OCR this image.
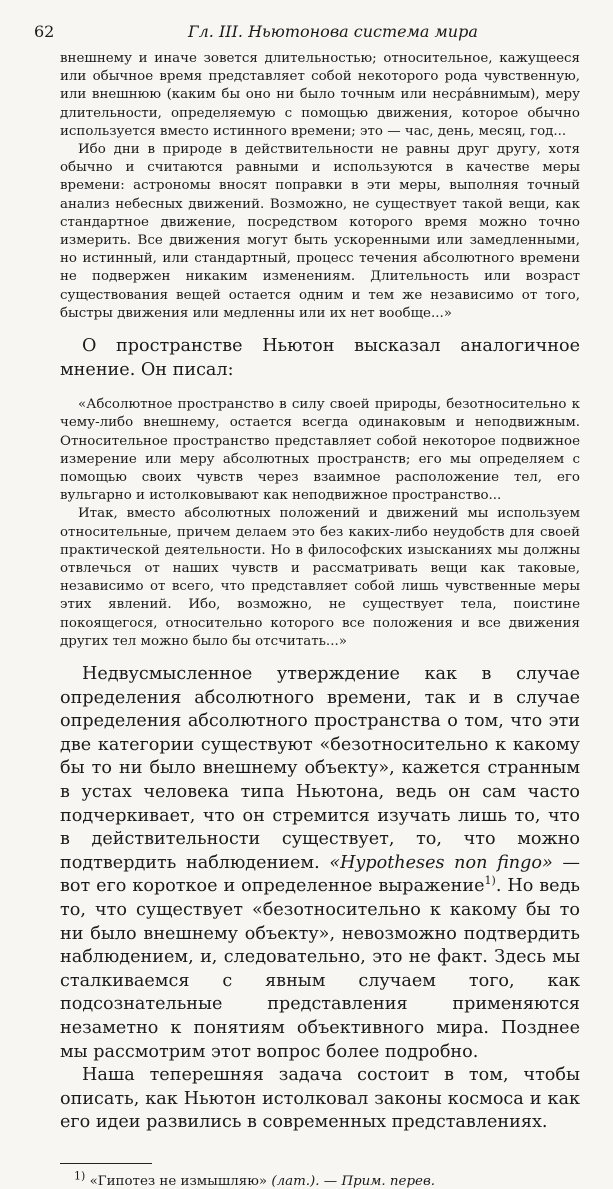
62	Гл. III. Ньютонова система мира

внешнему и иначе зовется длительностью; относительное, кажущееся или обычное время представляет собой некоторого рода чувственную, или внешнюю (каким бы оно ни было точным или несра́внимым), меру длительности, определяемую с помощью движения, которое обычно используется вместо истинного времени; это — час, день, месяц, год...

Ибо дни в природе в действительности не равны друг другу, хотя обычно и считаются равными и используются в качестве меры времени: астрономы вносят поправки в эти меры, выполняя точный анализ небесных движений. Возможно, не существует такой вещи, как стандартное движение, посредством которого время можно точно измерить. Все движения могут быть ускоренными или замедленными, но истинный, или стандартный, процесс течения абсолютного времени не подвержен никаким изменениям. Длительность или возраст существования вещей остается одним и тем же независимо от того, быстры движения или медленны или их нет вообще...»

О пространстве Ньютон высказал аналогичное мнение. Он писал:

«Абсолютное пространство в силу своей природы, безотносительно к чему-либо внешнему, остается всегда одинаковым и неподвижным. Относительное пространство представляет собой некоторое подвижное измерение или меру абсолютных пространств; его мы определяем с помощью своих чувств через взаимное расположение тел, его вульгарно и истолковывают как неподвижное пространство...

Итак, вместо абсолютных положений и движений мы используем относительные, причем делаем это без каких-либо неудобств для своей практической деятельности. Но в философских изысканиях мы должны отвлечься от наших чувств и рассматривать вещи как таковые, независимо от всего, что представляет собой лишь чувственные меры этих явлений. Ибо, возможно, не существует тела, поистине покоящегося, относительно которого все положения и все движения других тел можно было бы отсчитать...»

Недвусмысленное утверждение как в случае определения абсолютного времени, так и в случае определения абсолютного пространства о том, что эти две категории существуют «безотносительно к какому бы то ни было внешнему объекту», кажется странным в устах человека типа Ньютона, ведь он сам часто подчеркивает, что он стремится изучать лишь то, что в действительности существует, то, что можно подтвердить наблюдением. «Hypotheses non fingo» — вот его короткое и определенное выражение$^{1)}$. Но ведь то, что существует «безотносительно к какому бы то ни было внешнему объекту», невозможно подтвердить наблюдением, и, следовательно, это не факт. Здесь мы сталкиваемся с явным случаем того, как подсознательные представления применяются незаметно к понятиям объективного мира. Позднее мы рассмотрим этот вопрос более подробно.

Наша теперешняя задача состоит в том, чтобы описать, как Ньютон истолковал законы космоса и как его идеи развились в современных представлениях.

$^{1)}$ «Гипотез не измышляю» (лат.). — Прим. перев.
